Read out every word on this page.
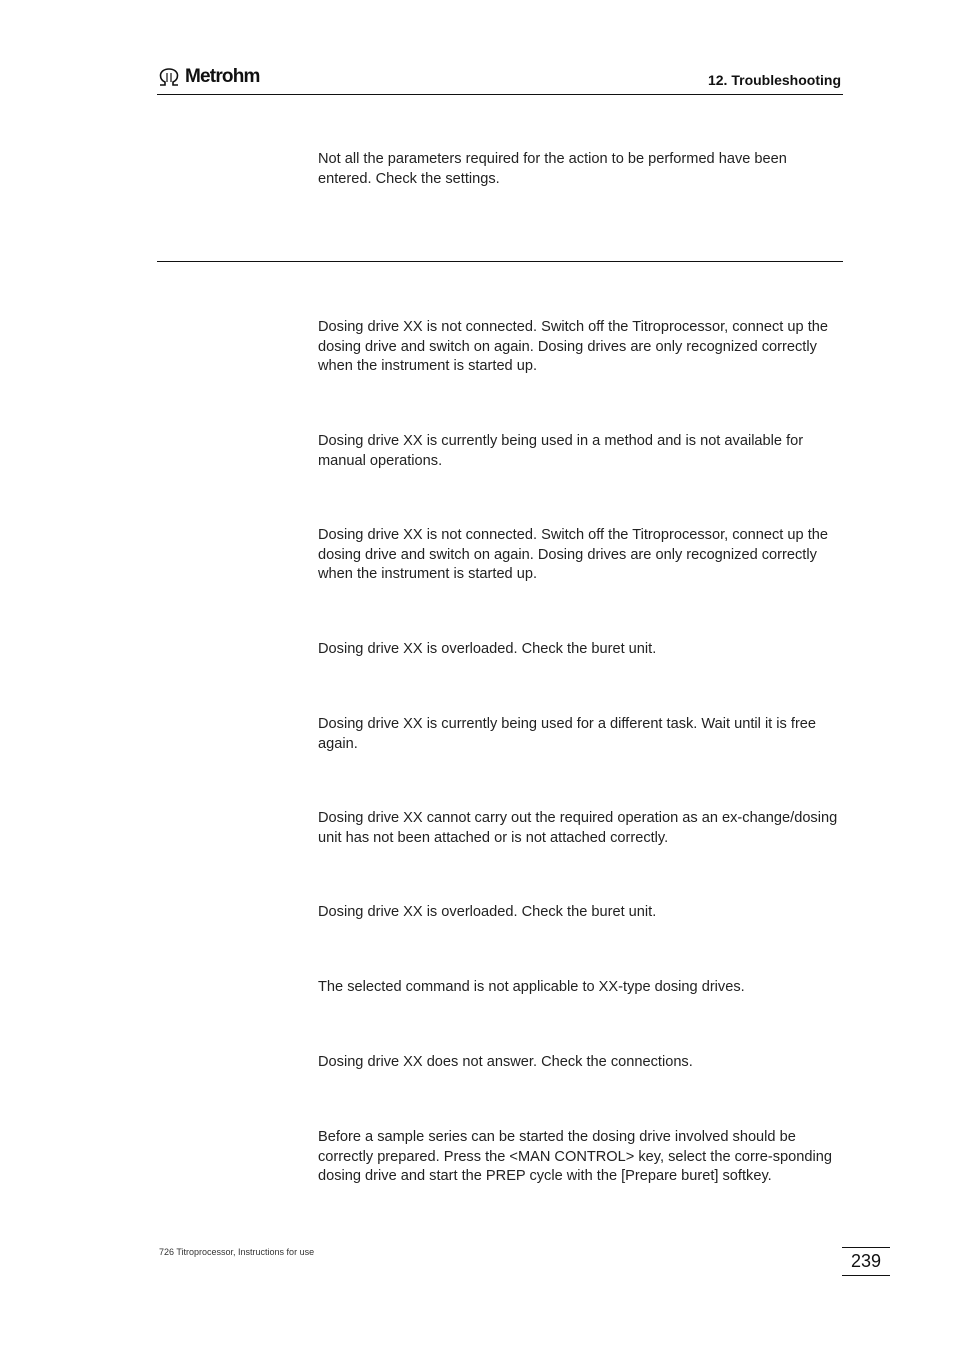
Metrohm	12. Troubleshooting

Not all the parameters required for the action to be performed have been entered. Check the settings.

Dosing drive XX is not connected. Switch off the Titroprocessor, connect up the dosing drive and switch on again. Dosing drives are only recognized correctly when the instrument is started up.

Dosing drive XX is currently being used in a method and is not available for manual operations.

Dosing drive XX is not connected. Switch off the Titroprocessor, connect up the dosing drive and switch on again. Dosing drives are only recognized correctly when the instrument is started up.

Dosing drive XX is overloaded. Check the buret unit.

Dosing drive XX is currently being used for a different task. Wait until it is free again.

Dosing drive XX cannot carry out the required operation as an ex-change/dosing unit has not been attached or is not attached correctly.

Dosing drive XX is overloaded. Check the buret unit.

The selected command is not applicable to XX-type dosing drives.

Dosing drive XX does not answer. Check the connections.

Before a sample series can be started the dosing drive involved should be correctly prepared. Press the <MAN CONTROL> key, select the corre-sponding dosing drive and start the PREP cycle with the [Prepare buret] softkey.

726 Titroprocessor, Instructions for use	239
